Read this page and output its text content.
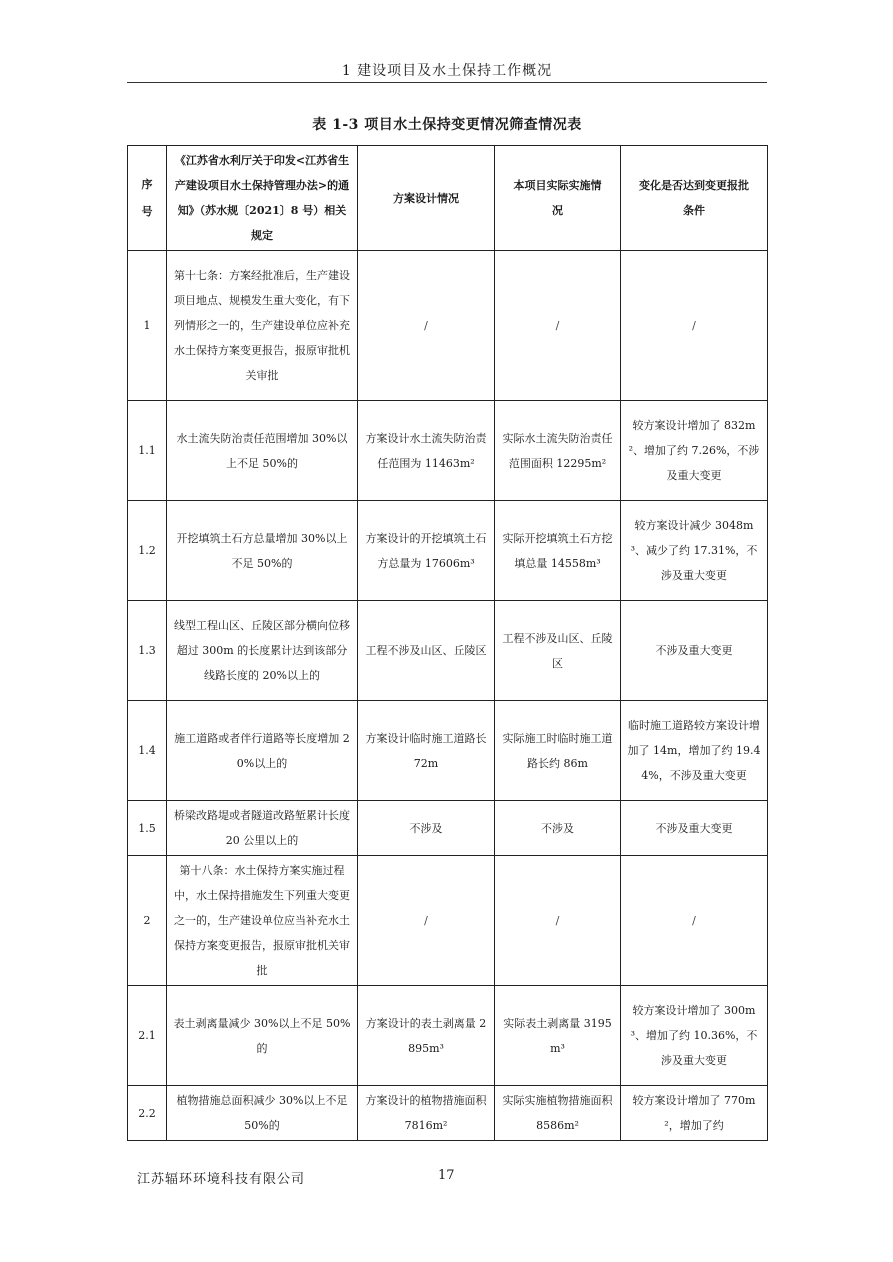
1 建设项目及水土保持工作概况
表 1-3 项目水土保持变更情况筛查情况表
序号	《江苏省水利厅关于印发<江苏省生产建设项目水土保持管理办法>的通知》（苏水规〔2021〕8 号）相关规定	方案设计情况	本项目实际实施情况	变化是否达到变更报批条件
1	第十七条：方案经批准后，生产建设项目地点、规模发生重大变化，有下列情形之一的，生产建设单位应补充水土保持方案变更报告，报原审批机关审批	/	/	/
1.1	水土流失防治责任范围增加 30%以上不足 50%的	方案设计水土流失防治责任范围为 11463m²	实际水土流失防治责任范围面积 12295m²	较方案设计增加了 832m²、增加了约 7.26%，不涉及重大变更
1.2	开挖填筑土石方总量增加 30%以上不足 50%的	方案设计的开挖填筑土石方总量为 17606m³	实际开挖填筑土石方挖填总量 14558m³	较方案设计减少 3048m³、减少了约 17.31%，不涉及重大变更
1.3	线型工程山区、丘陵区部分横向位移超过 300m 的长度累计达到该部分线路长度的 20%以上的	工程不涉及山区、丘陵区	工程不涉及山区、丘陵区	不涉及重大变更
1.4	施工道路或者伴行道路等长度增加 20%以上的	方案设计临时施工道路长 72m	实际施工时临时施工道路长约 86m	临时施工道路较方案设计增加了 14m，增加了约 19.44%，不涉及重大变更
1.5	桥梁改路堤或者隧道改路堑累计长度 20 公里以上的	不涉及	不涉及	不涉及重大变更
2	第十八条：水土保持方案实施过程中，水土保持措施发生下列重大变更之一的，生产建设单位应当补充水土保持方案变更报告，报原审批机关审批	/	/	/
2.1	表土剥离量减少 30%以上不足 50%的	方案设计的表土剥离量 2895m³	实际表土剥离量 3195m³	较方案设计增加了 300m³、增加了约 10.36%，不涉及重大变更
2.2	植物措施总面积减少 30%以上不足 50%的	方案设计的植物措施面积 7816m²	实际实施植物措施面积 8586m²	较方案设计增加了 770m²，增加了约
江苏辐环环境科技有限公司	17
